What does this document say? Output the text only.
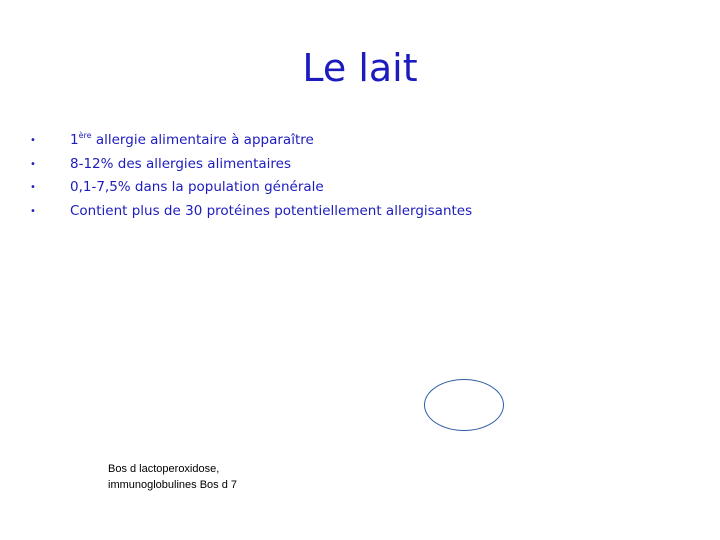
Le lait
•	1ère allergie alimentaire à apparaître
•	8-12% des allergies alimentaires
•	0,1-7,5% dans la population générale
•	Contient plus de 30 protéines potentiellement allergisantes
Bos d lactoperoxidose,
immunoglobulines Bos d 7
